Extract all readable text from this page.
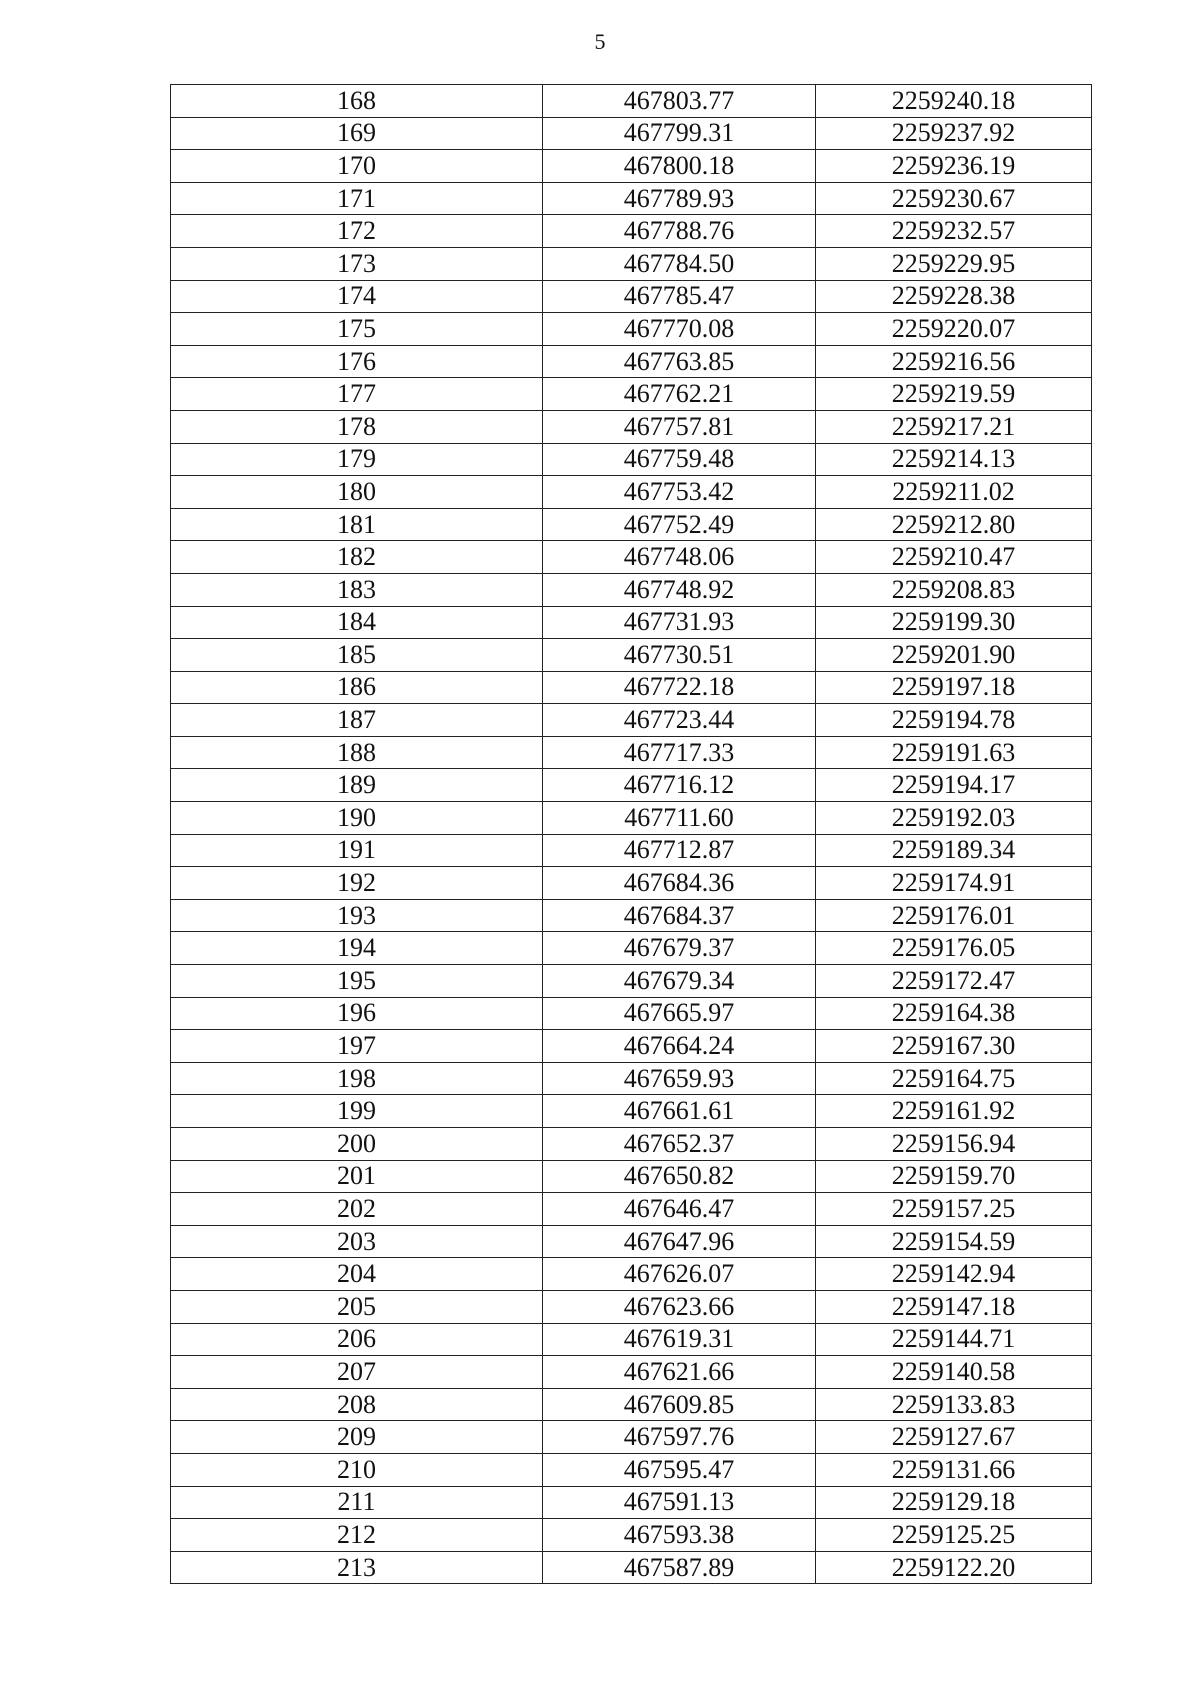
5
168	467803.77	2259240.18
169	467799.31	2259237.92
170	467800.18	2259236.19
171	467789.93	2259230.67
172	467788.76	2259232.57
173	467784.50	2259229.95
174	467785.47	2259228.38
175	467770.08	2259220.07
176	467763.85	2259216.56
177	467762.21	2259219.59
178	467757.81	2259217.21
179	467759.48	2259214.13
180	467753.42	2259211.02
181	467752.49	2259212.80
182	467748.06	2259210.47
183	467748.92	2259208.83
184	467731.93	2259199.30
185	467730.51	2259201.90
186	467722.18	2259197.18
187	467723.44	2259194.78
188	467717.33	2259191.63
189	467716.12	2259194.17
190	467711.60	2259192.03
191	467712.87	2259189.34
192	467684.36	2259174.91
193	467684.37	2259176.01
194	467679.37	2259176.05
195	467679.34	2259172.47
196	467665.97	2259164.38
197	467664.24	2259167.30
198	467659.93	2259164.75
199	467661.61	2259161.92
200	467652.37	2259156.94
201	467650.82	2259159.70
202	467646.47	2259157.25
203	467647.96	2259154.59
204	467626.07	2259142.94
205	467623.66	2259147.18
206	467619.31	2259144.71
207	467621.66	2259140.58
208	467609.85	2259133.83
209	467597.76	2259127.67
210	467595.47	2259131.66
211	467591.13	2259129.18
212	467593.38	2259125.25
213	467587.89	2259122.20
